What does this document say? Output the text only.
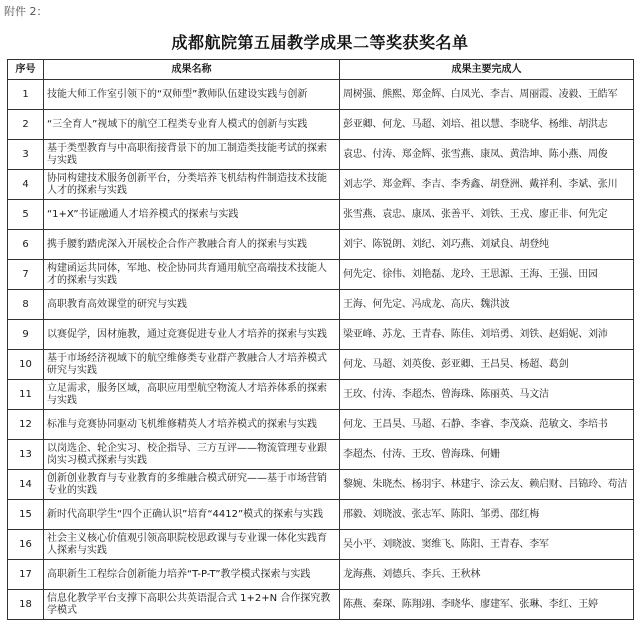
附件 2：
成都航院第五届教学成果二等奖获奖名单
序号	成果名称	成果主要完成人
1	技能大师工作室引领下的“双师型”教师队伍建设实践与创新	周树强、熊熙、郑金辉、白凤光、李吉、周丽霞、凌毅、王皓军
2	“三全育人”视域下的航空工程类专业育人模式的创新与实践	彭亚卿、何龙、马超、刘培、祖以慧、李晓华、杨维、胡洪志
3	基于类型教育与中高职衔接背景下的加工制造类技能考试的探索与实践	袁忠、付涛、郑金辉、张雪燕、康凤、黄浩坤、陈小燕、周俊
4	协同构建技术服务创新平台，分类培养飞机结构件制造技术技能人才的探索与实践	刘志学、郑金辉、李吉、李秀鑫、胡登洲、戴祥利、李斌、张川
5	“1+X”书证融通人才培养模式的探索与实践	张雪燕、袁忠、康凤、张善平、刘铁、王戎、廖正非、何先定
6	携手腰豹踏虎深入开展校企合作产教融合育人的探索与实践	刘宇、陈锐朗、刘纪、刘巧燕、刘斌良、胡登纯
7	构建函运共同体，军地、校企协同共育通用航空高端技术技能人才的探索与实践	何先定、徐伟、刘艳磊、龙玲、王思源、王海、王强、田园
8	高职教育高效课堂的研究与实践	王海、何先定、冯成龙、高庆、魏洪波
9	以赛促学，因材施教，通过竞赛促进专业人才培养的探索与实践	梁亚峰、苏龙、王青春、陈佳、刘培勇、刘铁、赵娟妮、刘沛
10	基于市场经济视域下的航空维修类专业群产教融合人才培养模式研究与实践	何龙、马超、刘英俊、彭亚卿、王昌昊、杨超、葛剑
11	立足需求，服务区域，高职应用型航空物流人才培养体系的探索与实践	王玫、付涛、李超杰、曾海珠、陈丽英、马文洁
12	标准与竞赛协同驱动飞机维修精英人才培养模式的探索与实践	何龙、王昌昊、马超、石静、李睿、李茂焱、范敏文、李培书
13	以岗选企、轮企实习、校企指导、三方互评——物流管理专业跟岗实习模式探索与实践	李超杰、付涛、王玫、曾海珠、何姗
14	创新创业教育与专业教育的多维融合模式研究——基于市场营销专业的实践	黎婉、朱晓杰、杨羽宇、林建宇、涂云友、赖启财、吕锦玲、苟洁
15	新时代高职学生“四个正确认识”培育“4412”模式的探索与实践	邢毅、刘晓波、张志军、陈阳、邹勇、邵红梅
16	社会主义核心价值观引领高职院校思政课与专业课一体化实践育人探索与实践	吴小平、刘晓波、窦维飞、陈阳、王青春、李军
17	高职新生工程综合创新能力培养“T-P-T”教学模式探索与实践	龙海燕、刘德兵、李兵、王秋林
18	信息化教学平台支撑下高职公共英语混合式 1+2+N 合作探究教学模式	陈燕、秦琛、陈翔翊、李晓华、廖建军、张琳、李红、王婷
